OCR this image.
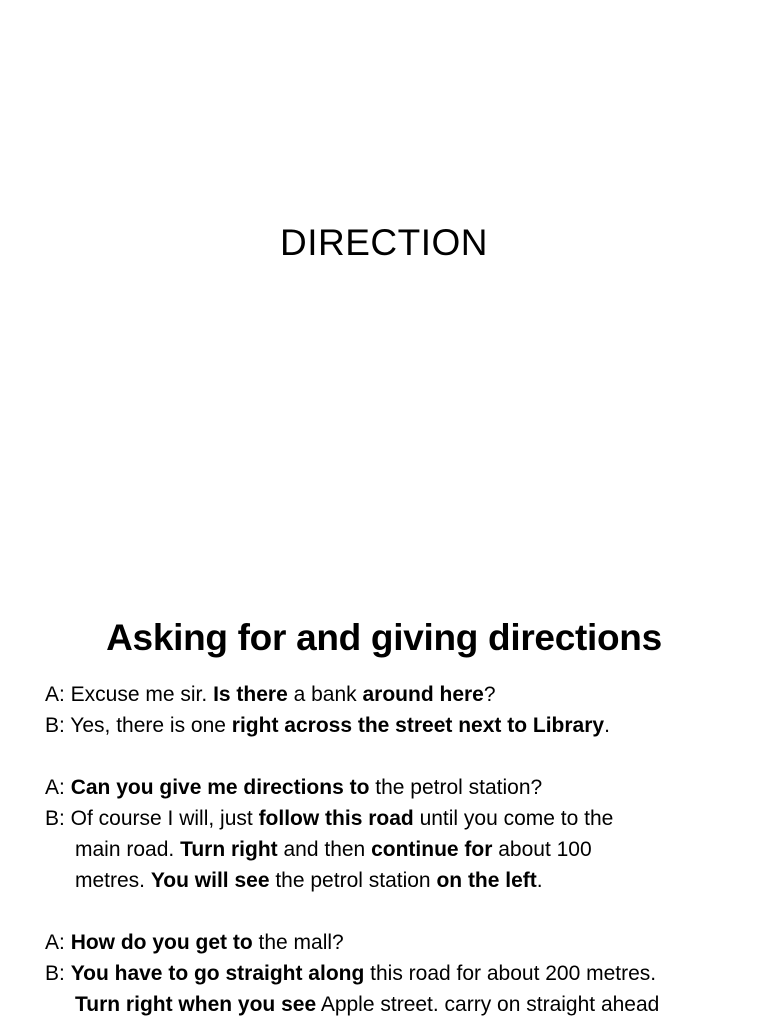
DIRECTION
Asking for and giving directions
A: Excuse me sir. Is there a bank around here?
B: Yes, there is one right across the street next to Library.
A: Can you give me directions to the petrol station?
B: Of course I will, just follow this road until you come to the
main road. Turn right and then continue for about 100
metres. You will see the petrol station on the left.
A: How do you get to the mall?
B: You have to go straight along this road for about 200 metres.
Turn right when you see Apple street. carry on straight ahead
